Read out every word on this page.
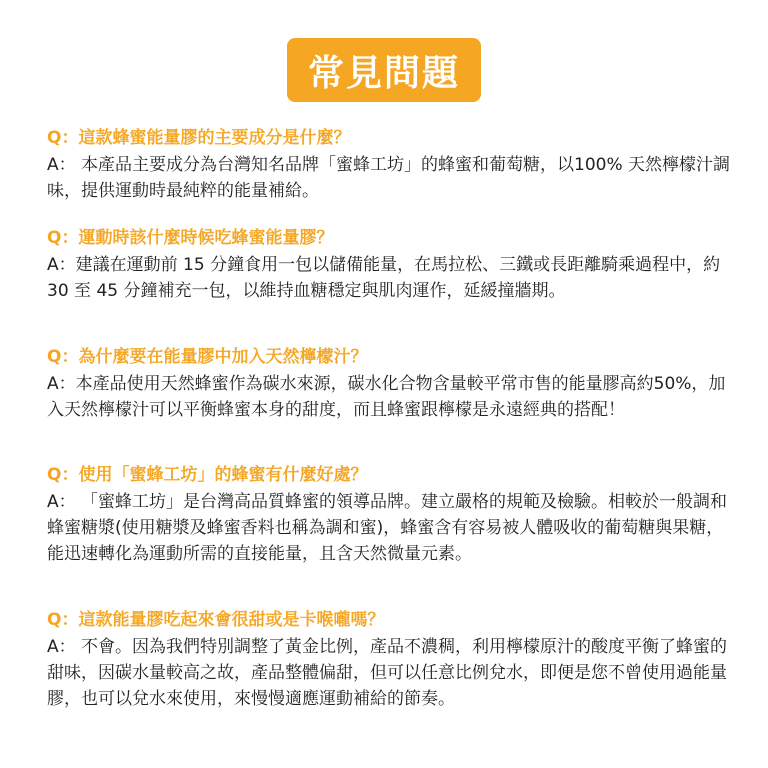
常見問題

Q：這款蜂蜜能量膠的主要成分是什麼？

A： 本產品主要成分為台灣知名品牌「蜜蜂工坊」的蜂蜜和葡萄糖，以100% 天然檸檬汁調味，提供運動時最純粹的能量補給。

Q：運動時該什麼時候吃蜂蜜能量膠？

A：建議在運動前 15 分鐘食用一包以儲備能量，在馬拉松、三鐵或長距離騎乘過程中，約30 至 45 分鐘補充一包，以維持血糖穩定與肌肉運作，延緩撞牆期。

Q：為什麼要在能量膠中加入天然檸檬汁？

A：本產品使用天然蜂蜜作為碳水來源，碳水化合物含量較平常市售的能量膠高約50%，加入天然檸檬汁可以平衡蜂蜜本身的甜度，而且蜂蜜跟檸檬是永遠經典的搭配！

Q：使用「蜜蜂工坊」的蜂蜜有什麼好處？

A： 「蜜蜂工坊」是台灣高品質蜂蜜的領導品牌。建立嚴格的規範及檢驗。相較於一般調和蜂蜜糖漿(使用糖漿及蜂蜜香料也稱為調和蜜)，蜂蜜含有容易被人體吸收的葡萄糖與果糖，能迅速轉化為運動所需的直接能量，且含天然微量元素。

Q：這款能量膠吃起來會很甜或是卡喉嚨嗎？

A： 不會。因為我們特別調整了黃金比例，產品不濃稠，利用檸檬原汁的酸度平衡了蜂蜜的甜味，因碳水量較高之故，產品整體偏甜，但可以任意比例兌水，即便是您不曾使用過能量膠，也可以兌水來使用，來慢慢適應運動補給的節奏。
